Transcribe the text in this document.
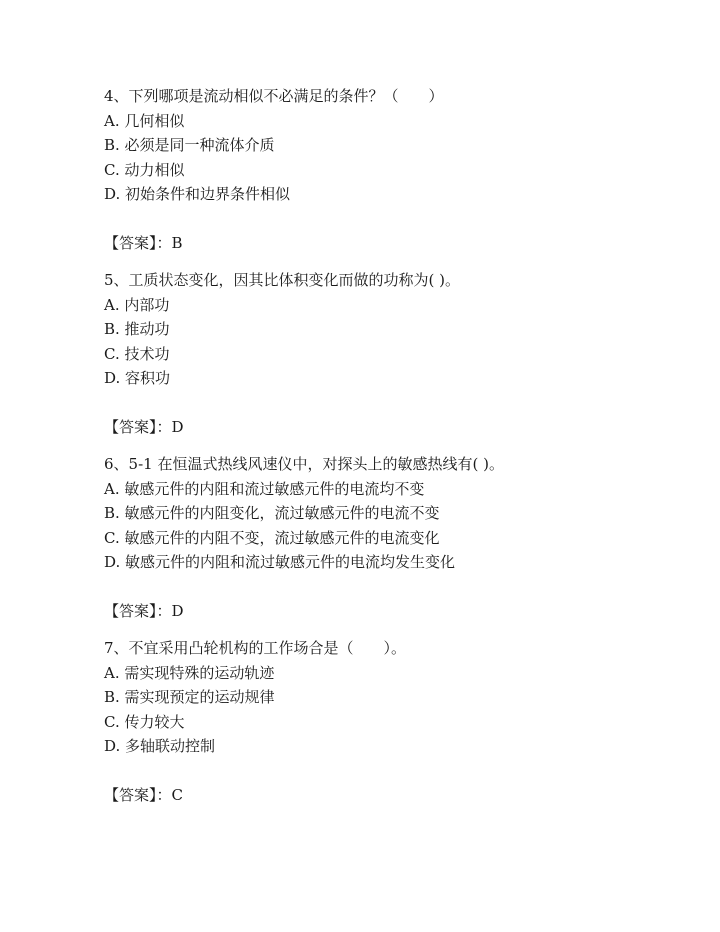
4、下列哪项是流动相似不必满足的条件？（　　）
A. 几何相似
B. 必须是同一种流体介质
C. 动力相似
D. 初始条件和边界条件相似
【答案】：B
5、工质状态变化，因其比体积变化而做的功称为( )。
A. 内部功
B. 推动功
C. 技术功
D. 容积功
【答案】：D
6、5-1 在恒温式热线风速仪中，对探头上的敏感热线有( )。
A. 敏感元件的内阻和流过敏感元件的电流均不变
B. 敏感元件的内阻变化，流过敏感元件的电流不变
C. 敏感元件的内阻不变，流过敏感元件的电流变化
D. 敏感元件的内阻和流过敏感元件的电流均发生变化
【答案】：D
7、不宜采用凸轮机构的工作场合是（　　）。
A. 需实现特殊的运动轨迹
B. 需实现预定的运动规律
C. 传力较大
D. 多轴联动控制
【答案】：C
